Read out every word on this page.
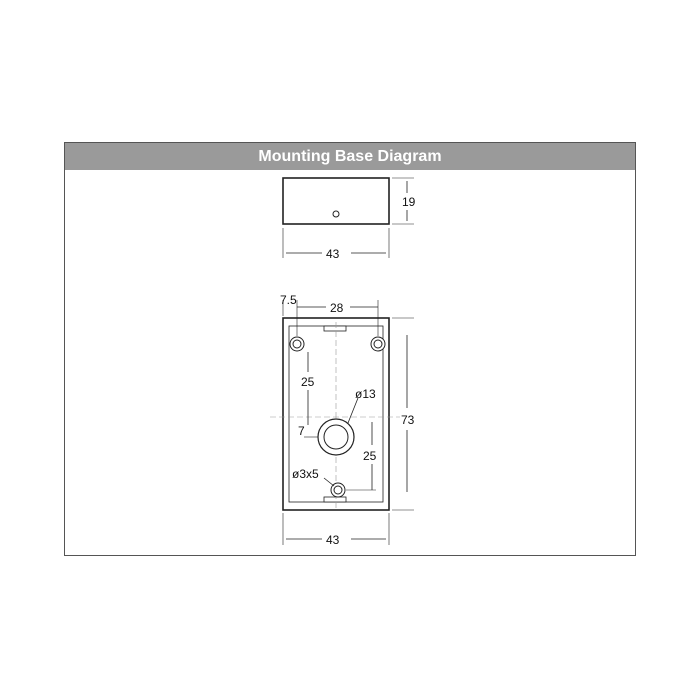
Mounting Base Diagram
19
43
7.5
28
25
ø13
7
25
ø3x5
73
43
